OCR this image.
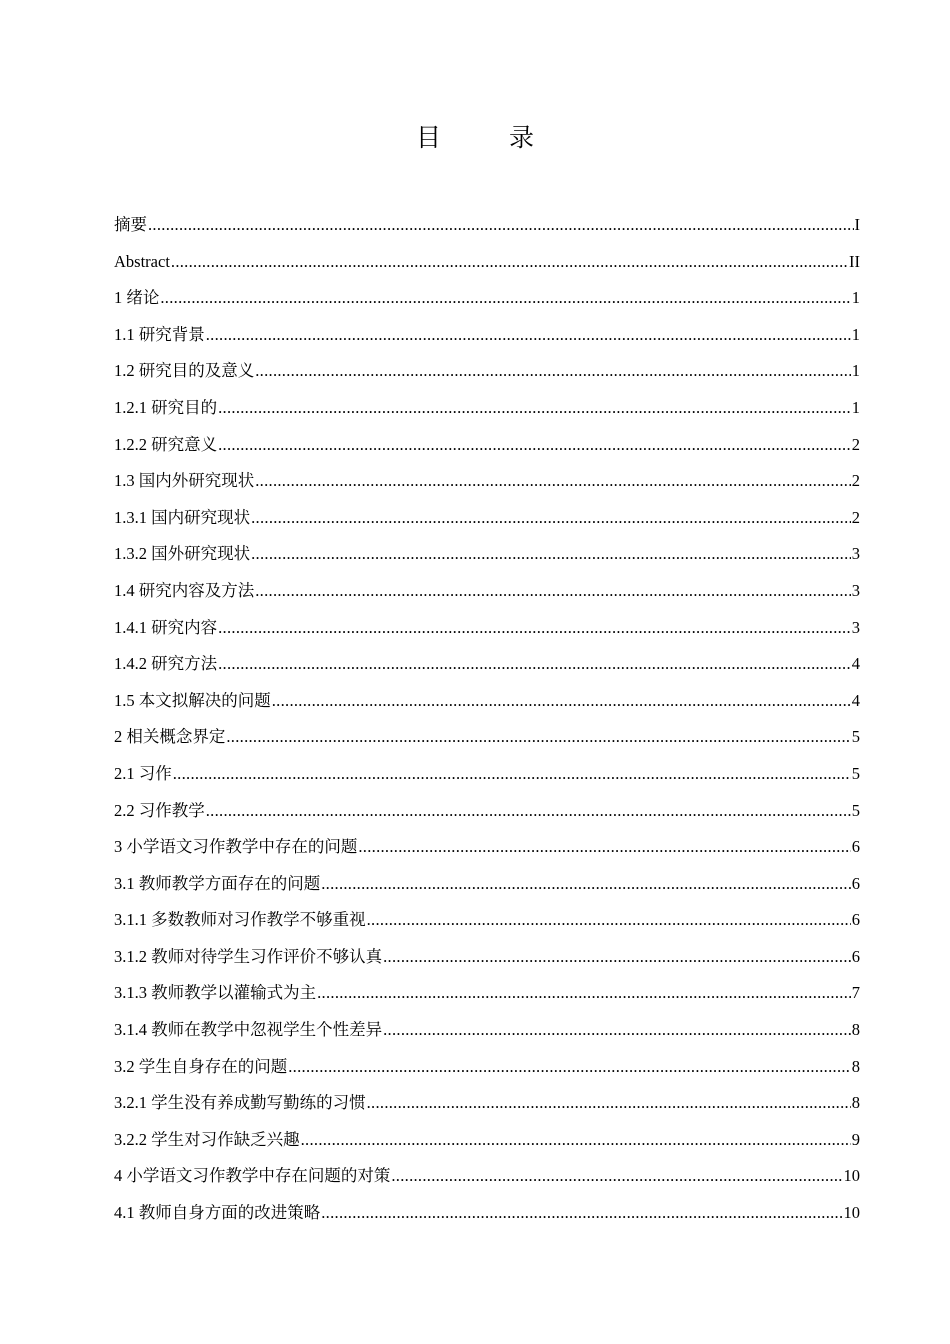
目 录
摘要 .....	I
Abstract .....	II
1 绪论 .....	1
1.1 研究背景 .....	1
1.2 研究目的及意义 .....	1
1.2.1 研究目的 .....	1
1.2.2 研究意义 .....	2
1.3 国内外研究现状 .....	2
1.3.1 国内研究现状 .....	2
1.3.2 国外研究现状 .....	3
1.4 研究内容及方法 .....	3
1.4.1 研究内容 .....	3
1.4.2 研究方法 .....	4
1.5 本文拟解决的问题 .....	4
2 相关概念界定 .....	5
2.1 习作 .....	5
2.2 习作教学 .....	5
3 小学语文习作教学中存在的问题 .....	6
3.1 教师教学方面存在的问题 .....	6
3.1.1 多数教师对习作教学不够重视 .....	6
3.1.2 教师对待学生习作评价不够认真 .....	6
3.1.3 教师教学以灌输式为主 .....	7
3.1.4 教师在教学中忽视学生个性差异 .....	8
3.2 学生自身存在的问题 .....	8
3.2.1 学生没有养成勤写勤练的习惯 .....	8
3.2.2 学生对习作缺乏兴趣 .....	9
4 小学语文习作教学中存在问题的对策 .....	10
4.1 教师自身方面的改进策略 .....	10
